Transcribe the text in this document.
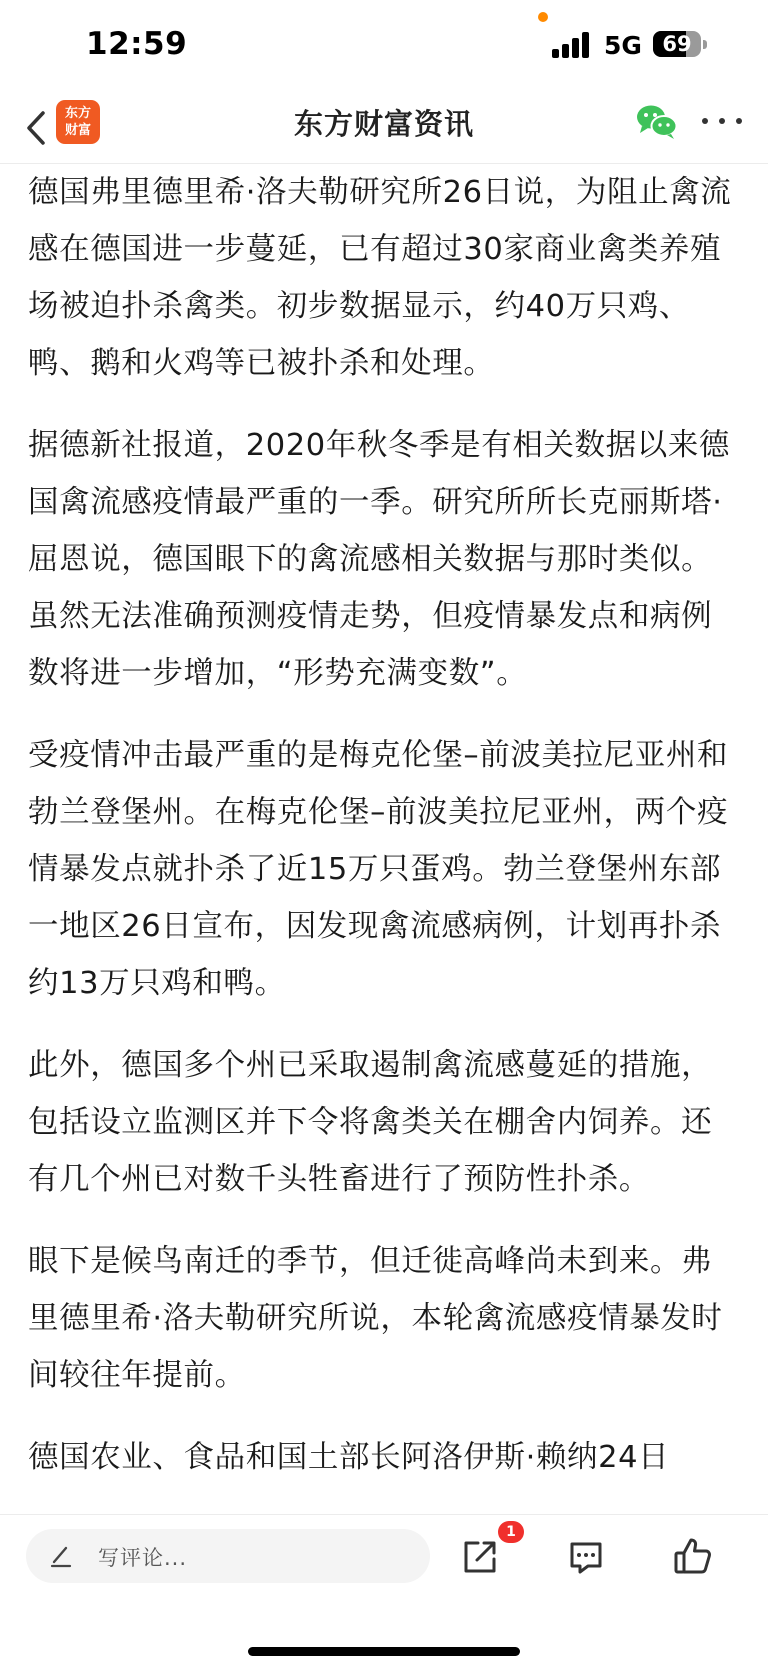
12:59	5G 69
东方财富	东方财富资讯

德国弗里德里希·洛夫勒研究所26日说，为阻止禽流感在德国进一步蔓延，已有超过30家商业禽类养殖场被迫扑杀禽类。初步数据显示，约40万只鸡、鸭、鹅和火鸡等已被扑杀和处理。

据德新社报道，2020年秋冬季是有相关数据以来德国禽流感疫情最严重的一季。研究所所长克丽斯塔·屈恩说，德国眼下的禽流感相关数据与那时类似。虽然无法准确预测疫情走势，但疫情暴发点和病例数将进一步增加，“形势充满变数”。

受疫情冲击最严重的是梅克伦堡–前波美拉尼亚州和勃兰登堡州。在梅克伦堡–前波美拉尼亚州，两个疫情暴发点就扑杀了近15万只蛋鸡。勃兰登堡州东部一地区26日宣布，因发现禽流感病例，计划再扑杀约13万只鸡和鸭。

此外，德国多个州已采取遏制禽流感蔓延的措施，包括设立监测区并下令将禽类关在棚舍内饲养。还有几个州已对数千头牲畜进行了预防性扑杀。

眼下是候鸟南迁的季节，但迁徙高峰尚未到来。弗里德里希·洛夫勒研究所说，本轮禽流感疫情暴发时间较往年提前。

德国农业、食品和国土部长阿洛伊斯·赖纳24日

写评论...
1
